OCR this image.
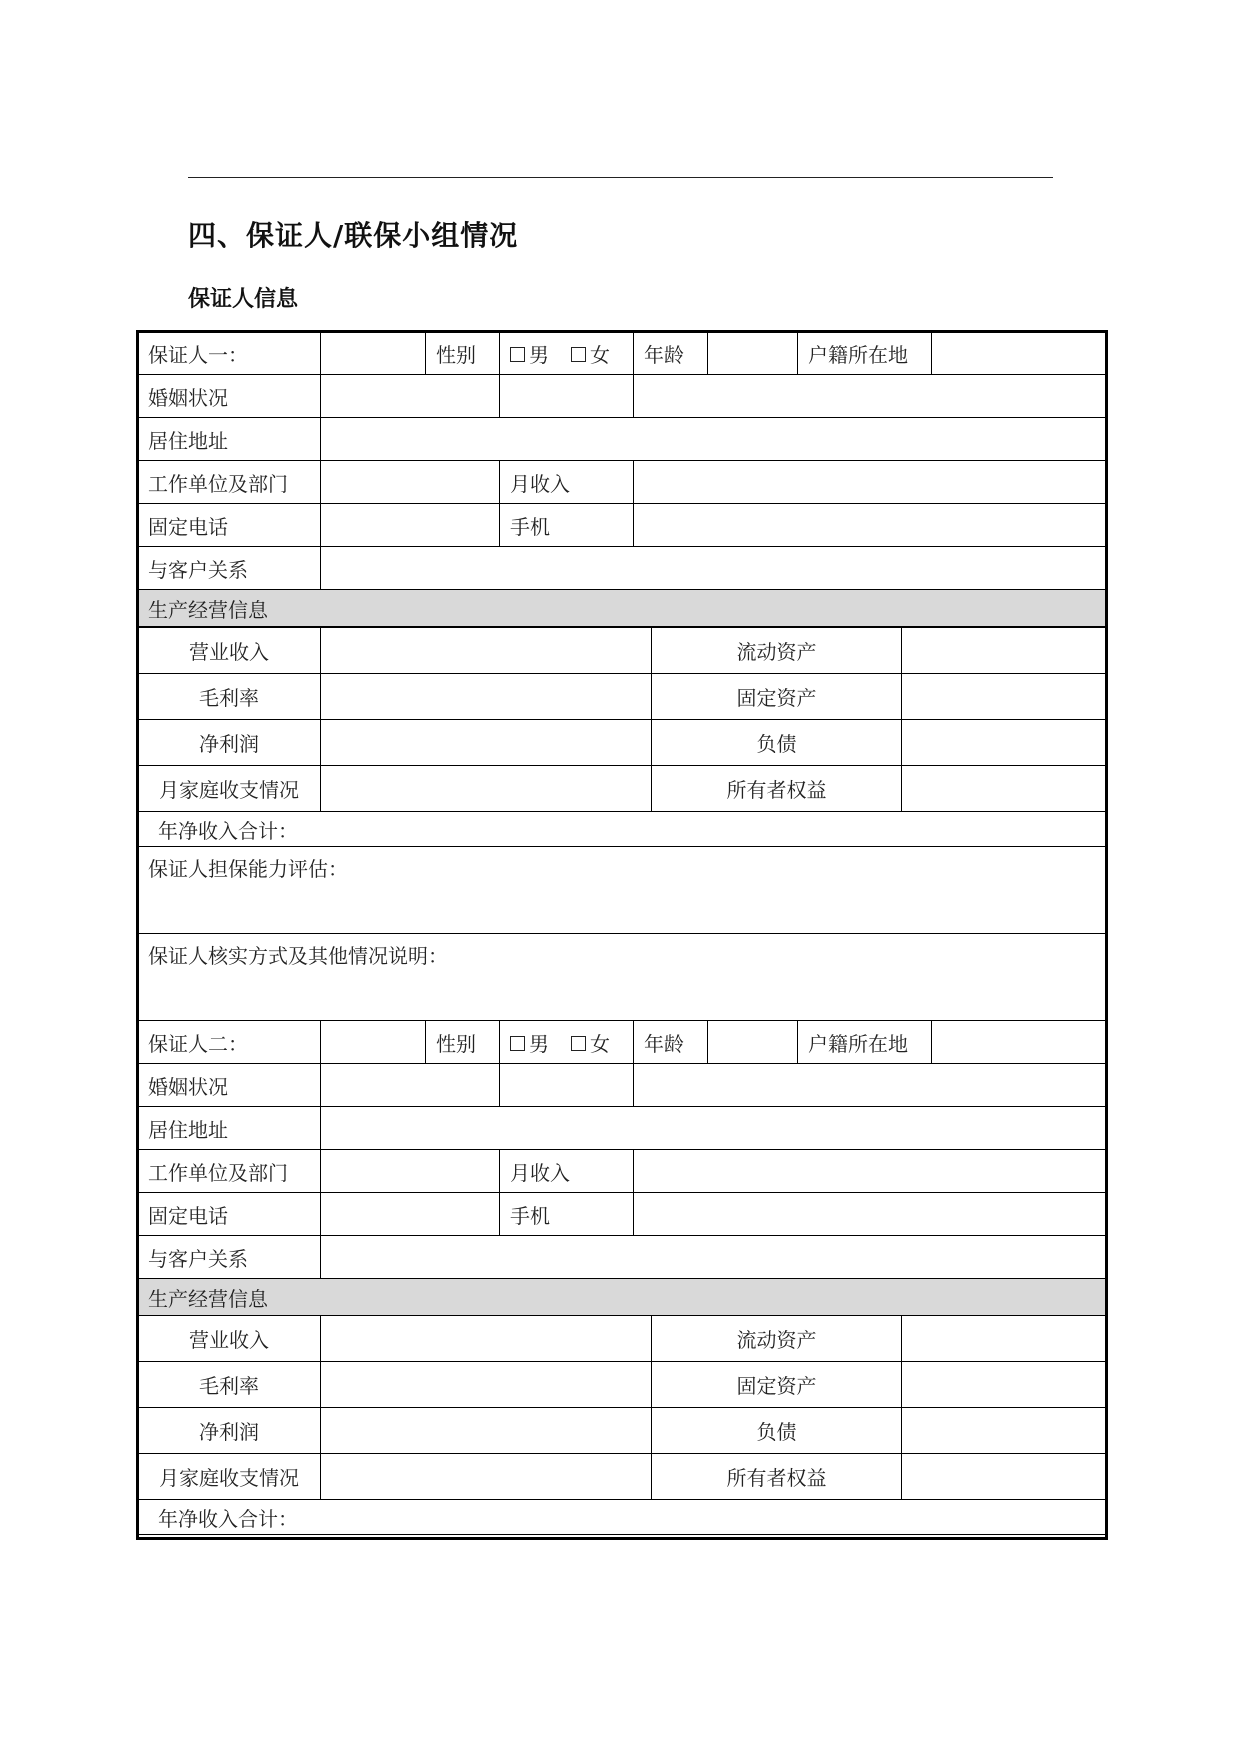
四、保证人/联保小组情况
保证人信息
保证人一：		性别	男 女	年龄		户籍所在地	
婚姻状况							
居住地址							
工作单位及部门			月收入				
固定电话			手机				
与客户关系							
生产经营信息							
营业收入		流动资产	
毛利率		固定资产	
净利润		负债	
月家庭收支情况		所有者权益	
年净收入合计：			
保证人担保能力评估：			
保证人核实方式及其他情况说明：			
保证人二：		性别	男 女	年龄		户籍所在地	
婚姻状况							
居住地址							
工作单位及部门			月收入				
固定电话			手机				
与客户关系							
生产经营信息							
营业收入		流动资产	
毛利率		固定资产	
净利润		负债	
月家庭收支情况		所有者权益	
年净收入合计：			
